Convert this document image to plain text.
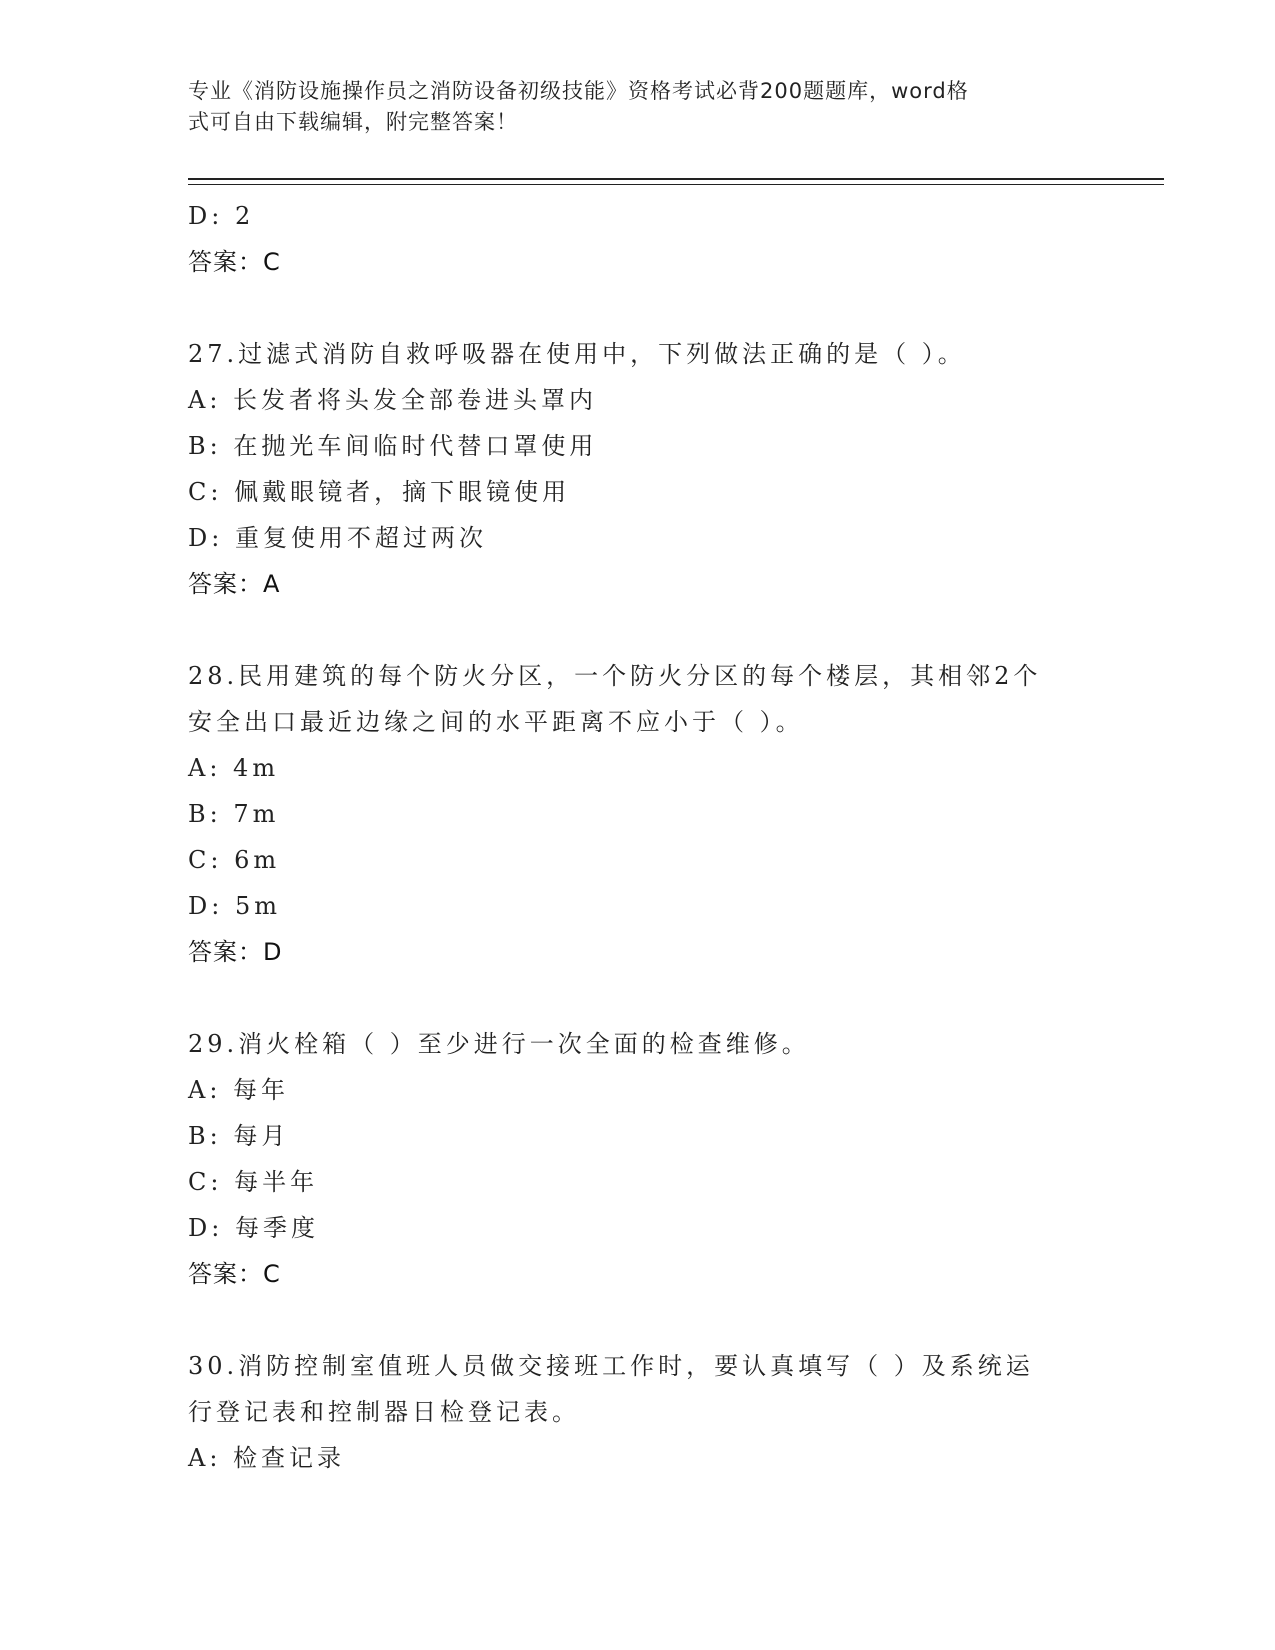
专业《消防设施操作员之消防设备初级技能》资格考试必背200题题库，word格
式可自由下载编辑，附完整答案！
D: 2
答案：C
27.过滤式消防自救呼吸器在使用中，下列做法正确的是（ ）。
A: 长发者将头发全部卷进头罩内
B: 在抛光车间临时代替口罩使用
C: 佩戴眼镜者，摘下眼镜使用
D: 重复使用不超过两次
答案：A
28.民用建筑的每个防火分区，一个防火分区的每个楼层，其相邻2个
安全出口最近边缘之间的水平距离不应小于（ ）。
A: 4m
B: 7m
C: 6m
D: 5m
答案：D
29.消火栓箱（ ）至少进行一次全面的检查维修。
A: 每年
B: 每月
C: 每半年
D: 每季度
答案：C
30.消防控制室值班人员做交接班工作时，要认真填写（ ）及系统运
行登记表和控制器日检登记表。
A: 检查记录
